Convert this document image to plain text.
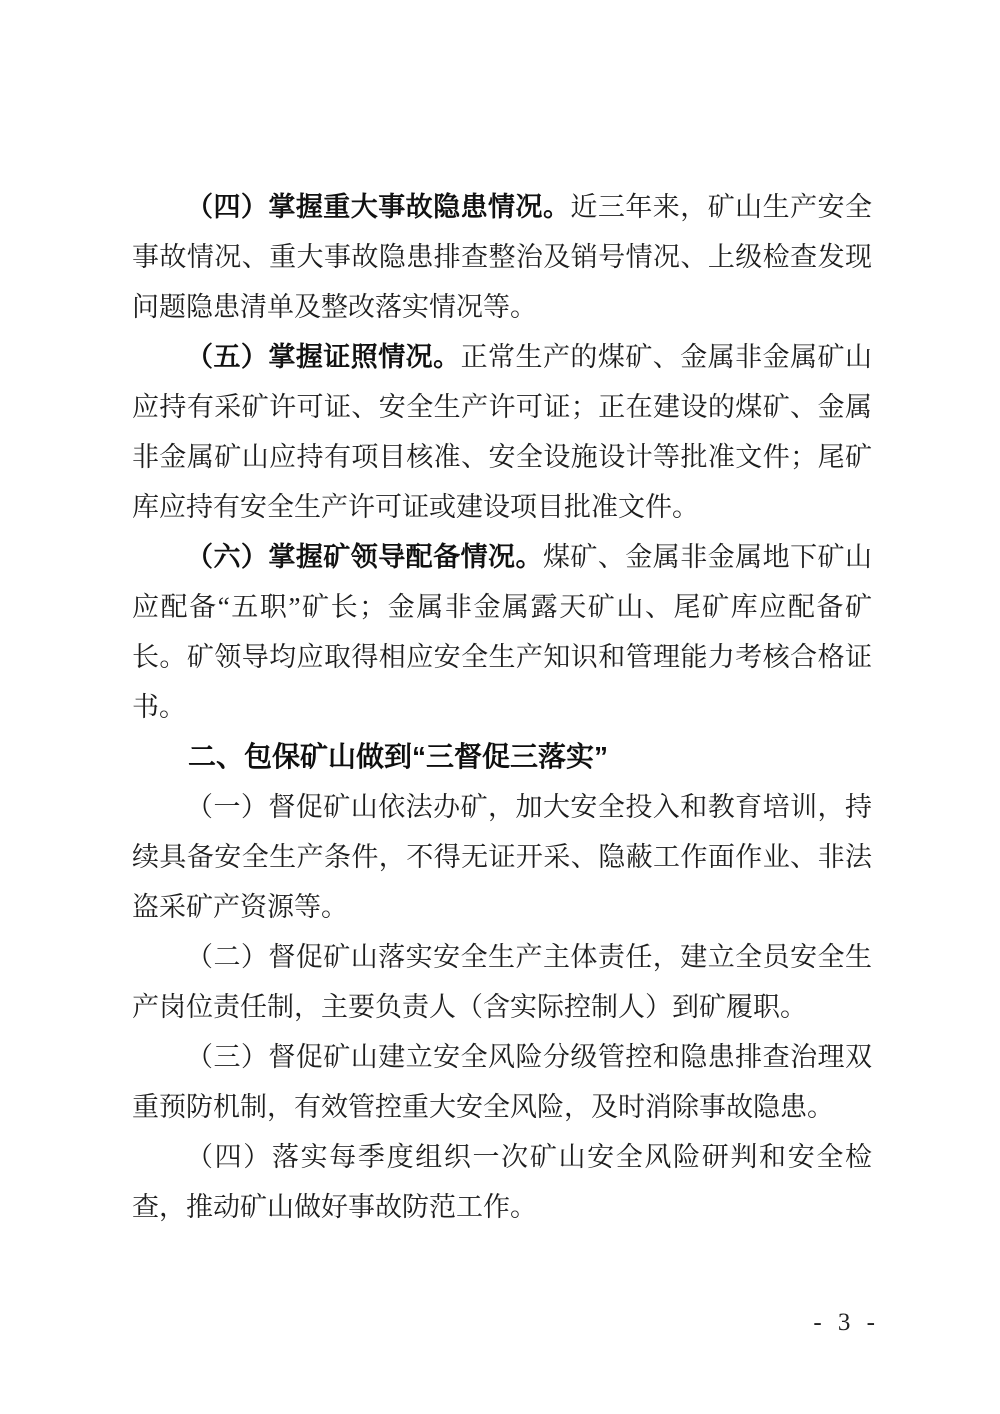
（四）掌握重大事故隐患情况。近三年来，矿山生产安全事故情况、重大事故隐患排查整治及销号情况、上级检查发现问题隐患清单及整改落实情况等。

（五）掌握证照情况。正常生产的煤矿、金属非金属矿山应持有采矿许可证、安全生产许可证；正在建设的煤矿、金属非金属矿山应持有项目核准、安全设施设计等批准文件；尾矿库应持有安全生产许可证或建设项目批准文件。

（六）掌握矿领导配备情况。煤矿、金属非金属地下矿山应配备“五职”矿长；金属非金属露天矿山、尾矿库应配备矿长。矿领导均应取得相应安全生产知识和管理能力考核合格证书。

二、包保矿山做到“三督促三落实”

（一）督促矿山依法办矿，加大安全投入和教育培训，持续具备安全生产条件，不得无证开采、隐蔽工作面作业、非法盗采矿产资源等。

（二）督促矿山落实安全生产主体责任，建立全员安全生产岗位责任制，主要负责人（含实际控制人）到矿履职。

（三）督促矿山建立安全风险分级管控和隐患排查治理双重预防机制，有效管控重大安全风险，及时消除事故隐患。

（四）落实每季度组织一次矿山安全风险研判和安全检查，推动矿山做好事故防范工作。

- 3 -
